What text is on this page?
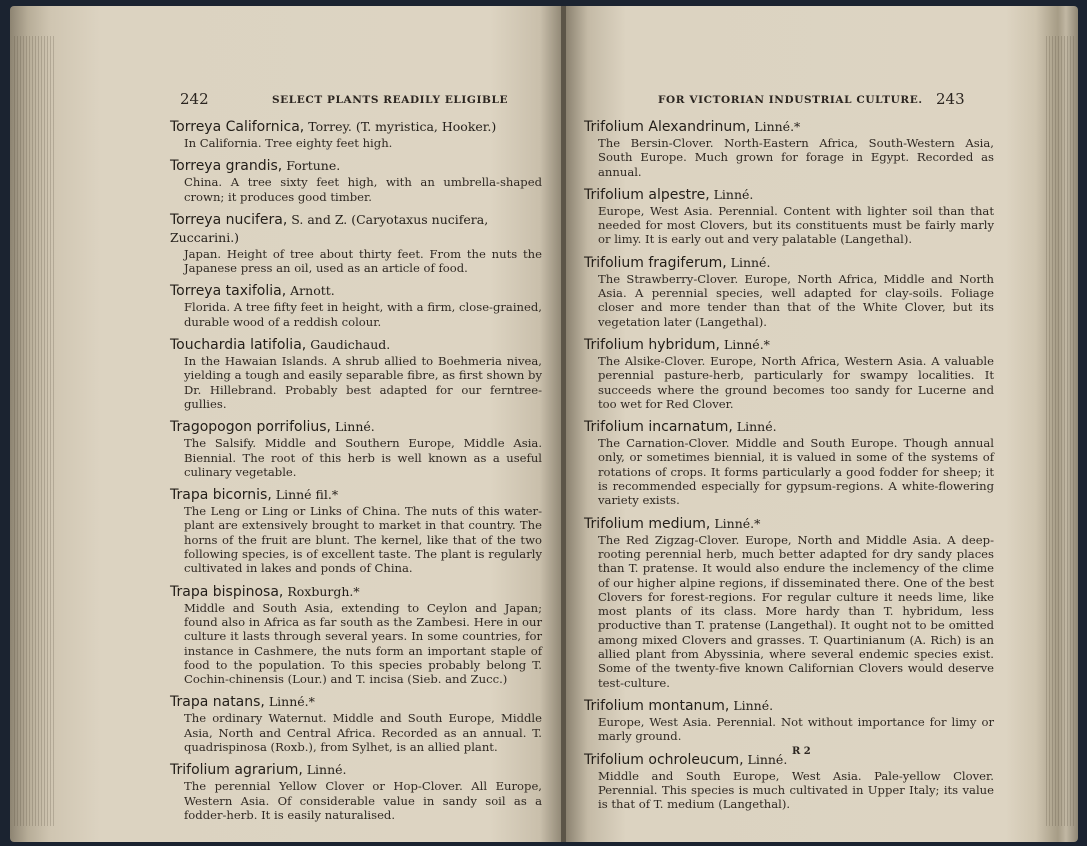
242	SELECT PLANTS READILY ELIGIBLE
Torreya Californica, Torrey. (T. myristica, Hooker.)
In California. Tree eighty feet high.
Torreya grandis, Fortune.
China. A tree sixty feet high, with an umbrella-shaped crown; it produces good timber.
Torreya nucifera, S. and Z. (Caryotaxus nucifera, Zuccarini.)
Japan. Height of tree about thirty feet. From the nuts the Japanese press an oil, used as an article of food.
Torreya taxifolia, Arnott.
Florida. A tree fifty feet in height, with a firm, close-grained, durable wood of a reddish colour.
Touchardia latifolia, Gaudichaud.
In the Hawaian Islands. A shrub allied to Boehmeria nivea, yielding a tough and easily separable fibre, as first shown by Dr. Hillebrand. Probably best adapted for our ferntree-gullies.
Tragopogon porrifolius, Linné.
The Salsify. Middle and Southern Europe, Middle Asia. Biennial. The root of this herb is well known as a useful culinary vegetable.
Trapa bicornis, Linné fil.*
The Leng or Ling or Links of China. The nuts of this water-plant are extensively brought to market in that country. The horns of the fruit are blunt. The kernel, like that of the two following species, is of excellent taste. The plant is regularly cultivated in lakes and ponds of China.
Trapa bispinosa, Roxburgh.*
Middle and South Asia, extending to Ceylon and Japan; found also in Africa as far south as the Zambesi. Here in our culture it lasts through several years. In some countries, for instance in Cashmere, the nuts form an important staple of food to the population. To this species probably belong T. Cochin-chinensis (Lour.) and T. incisa (Sieb. and Zucc.)
Trapa natans, Linné.*
The ordinary Waternut. Middle and South Europe, Middle Asia, North and Central Africa. Recorded as an annual. T. quadrispinosa (Roxb.), from Sylhet, is an allied plant.
Trifolium agrarium, Linné.
The perennial Yellow Clover or Hop-Clover. All Europe, Western Asia. Of considerable value in sandy soil as a fodder-herb. It is easily naturalised.
FOR VICTORIAN INDUSTRIAL CULTURE. 243
Trifolium Alexandrinum, Linné.*
The Bersin-Clover. North-Eastern Africa, South-Western Asia, South Europe. Much grown for forage in Egypt. Recorded as annual.
Trifolium alpestre, Linné.
Europe, West Asia. Perennial. Content with lighter soil than that needed for most Clovers, but its constituents must be fairly marly or limy. It is early out and very palatable (Langethal).
Trifolium fragiferum, Linné.
The Strawberry-Clover. Europe, North Africa, Middle and North Asia. A perennial species, well adapted for clay-soils. Foliage closer and more tender than that of the White Clover, but its vegetation later (Langethal).
Trifolium hybridum, Linné.*
The Alsike-Clover. Europe, North Africa, Western Asia. A valuable perennial pasture-herb, particularly for swampy localities. It succeeds where the ground becomes too sandy for Lucerne and too wet for Red Clover.
Trifolium incarnatum, Linné.
The Carnation-Clover. Middle and South Europe. Though annual only, or sometimes biennial, it is valued in some of the systems of rotations of crops. It forms particularly a good fodder for sheep; it is recommended especially for gypsum-regions. A white-flowering variety exists.
Trifolium medium, Linné.*
The Red Zigzag-Clover. Europe, North and Middle Asia. A deep-rooting perennial herb, much better adapted for dry sandy places than T. pratense. It would also endure the inclemency of the clime of our higher alpine regions, if disseminated there. One of the best Clovers for forest-regions. For regular culture it needs lime, like most plants of its class. More hardy than T. hybridum, less productive than T. pratense (Langethal). It ought not to be omitted among mixed Clovers and grasses. T. Quartinianum (A. Rich) is an allied plant from Abyssinia, where several endemic species exist. Some of the twenty-five known Californian Clovers would deserve test-culture.
Trifolium montanum, Linné.
Europe, West Asia. Perennial. Not without importance for limy or marly ground.
Trifolium ochroleucum, Linné.
Middle and South Europe, West Asia. Pale-yellow Clover. Perennial. This species is much cultivated in Upper Italy; its value is that of T. medium (Langethal).
R 2
